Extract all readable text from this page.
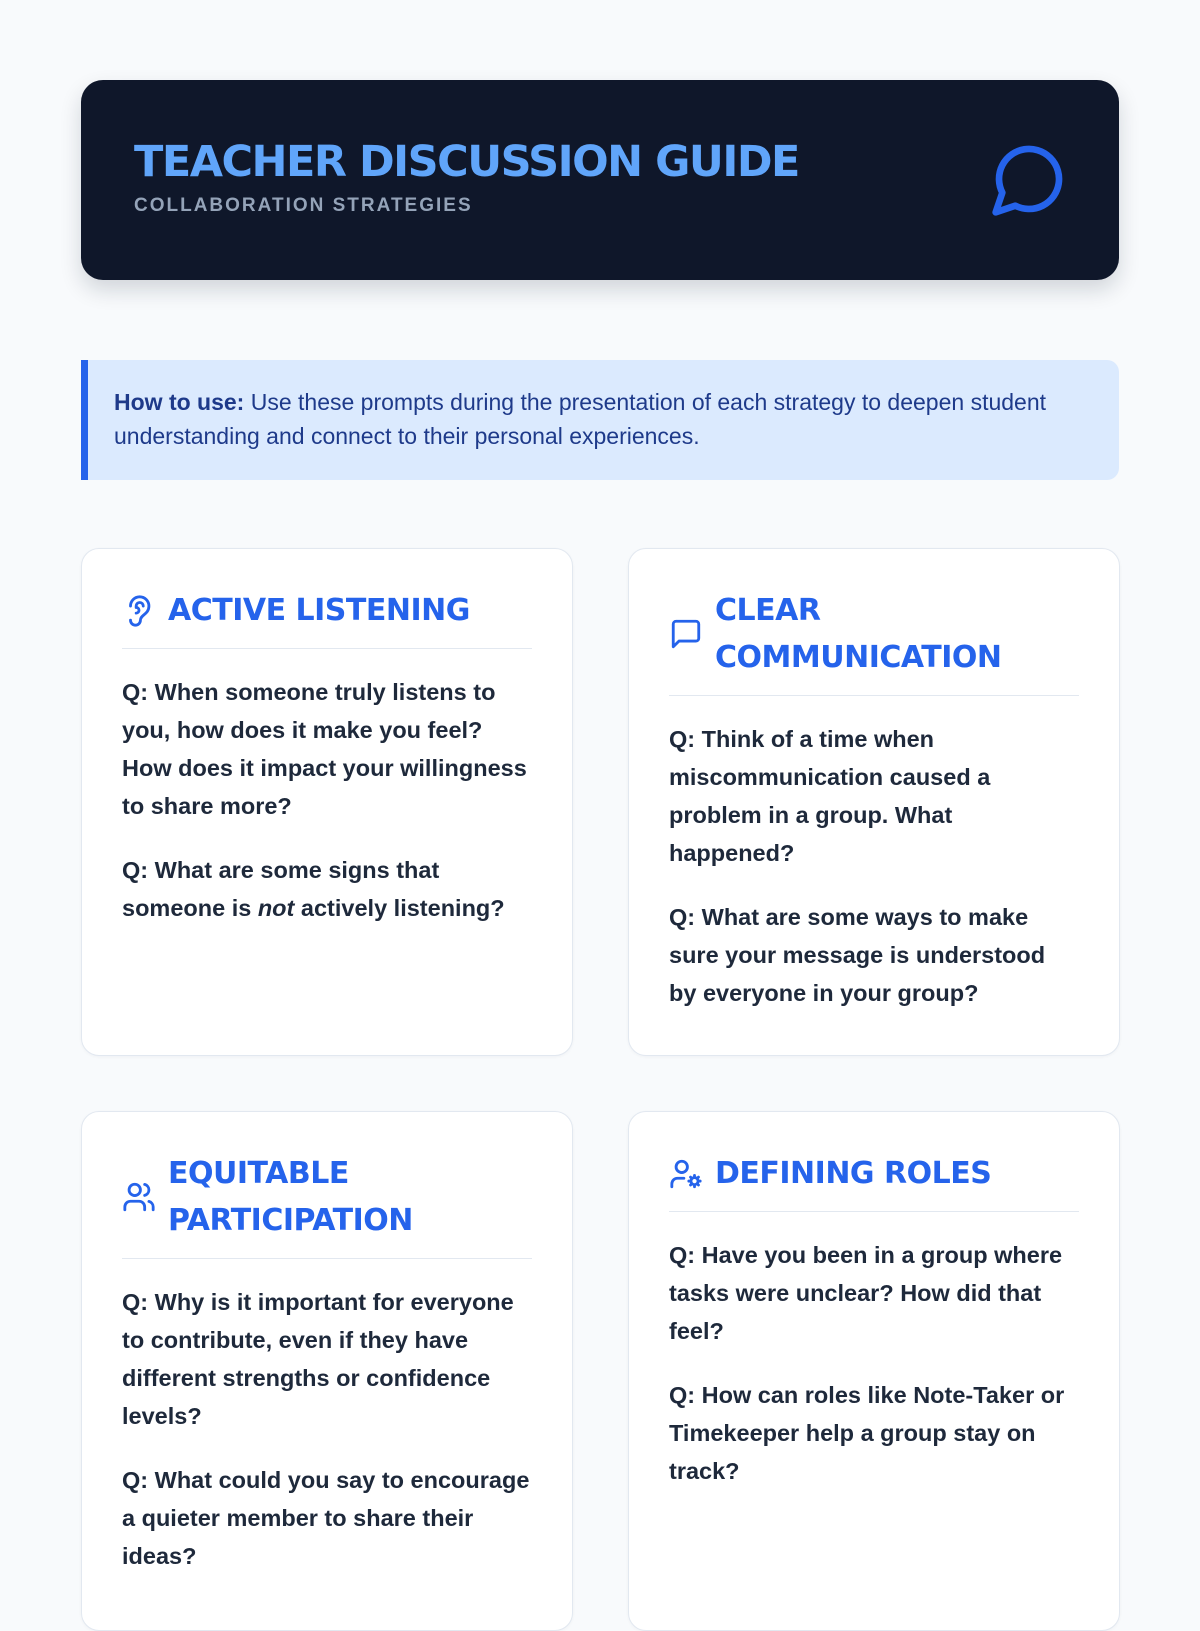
TEACHER DISCUSSION GUIDE
COLLABORATION STRATEGIES
How to use: Use these prompts during the presentation of each strategy to deepen student understanding and connect to their personal experiences.
ACTIVE LISTENING

Q: When someone truly listens to you, how does it make you feel? How does it impact your willingness to share more?

Q: What are some signs that someone is not actively listening?

CLEAR COMMUNICATION

Q: Think of a time when miscommunication caused a problem in a group. What happened?

Q: What are some ways to make sure your message is understood by everyone in your group?

EQUITABLE PARTICIPATION

Q: Why is it important for everyone to contribute, even if they have different strengths or confidence levels?

Q: What could you say to encourage a quieter member to share their ideas?

DEFINING ROLES

Q: Have you been in a group where tasks were unclear? How did that feel?

Q: How can roles like Note-Taker or Timekeeper help a group stay on track?
